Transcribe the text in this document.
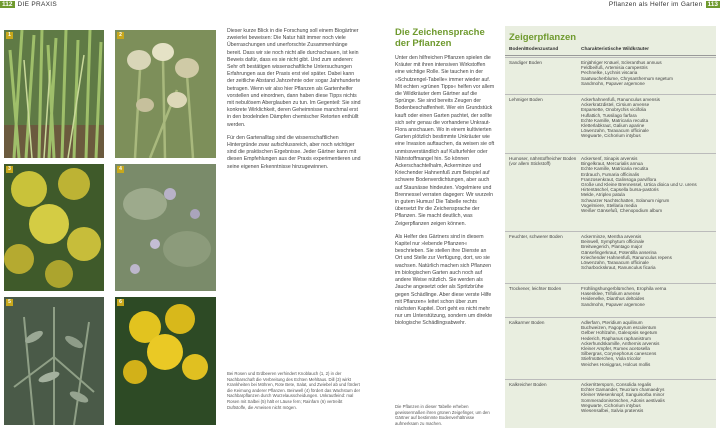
112 DIE PRAXIS	Pflanzen als Helfer im Garten 113
1	2
3	4
5	6

Dieser kurze Blick in die Forschung soll einem Biogärtner zweierlei beweisen: Die Natur hält immer noch viele Überraschungen und unerforschte Zusammenhänge bereit. Dass wir sie noch nicht alle durchschauen, ist kein Beweis dafür, dass es sie nicht gibt. Und zum anderen: Sehr oft bestätigen wissenschaftliche Untersuchungen Erfahrungen aus der Praxis erst viel später. Dabei kann der zeitliche Abstand Jahrzehnte oder sogar Jahrhunderte betragen. Wenn wir also hier Pflanzen als Gartenhelfer vorstellen und einordnen, dann haben diese Tipps nichts mit nebulösem Aberglauben zu tun. Im Gegenteil: Sie sind konkrete Wirklichkeit, deren Geheimnisse manchmal erst in den brodelnden Dämpfen chemischer Retorten enthüllt werden.

Für den Gartenalltag sind die wissenschaftlichen Hintergründe zwar aufschlussreich, aber noch wichtiger sind die praktischen Ergebnisse. Jeder Gärtner kann mit diesen Empfehlungen aus der Praxis experimentieren und seine eigenen Erkenntnisse hinzugewinnen.

Bei Rosen und Erdbeeren verhindert Knoblauch (1, 2) in der Nachbarschaft die Verbreitung des Echten Mehltaus. Dill (3) wirkt Krankheiten bei Möhren, Rote Bete, Salat, und Zwiebel ab und fördert die Keimung anderer Pflanzen. Beinwell (4) fördert das Wachstum der Nachbarpflanzen durch Wurzelausscheidungen. Unkrautfeind: mal Rosen mit Salbei (5) hält er Läuse fern; Rainfarn (6) vertreibt Duftstoffe, die Ameisen nicht mögen.
Die Zeichensprache
der Pflanzen

Unter den hilfreichen Pflanzen spielen die Kräuter mit ihren intensiven Wirkstoffen eine wichtige Rolle. Sie tauchen in der »Schutzengel-Tabelle« immer wieder auf. Mit echten »grünen Tipps« helfen vor allem die Wildkräuter dem Gärtner auf die Sprünge. Sie sind bereits Zeugen der Bodenbeschaffenheit. Wer ein Grundstück kauft oder einen Garten pachtet, der sollte sich sehr genau die vorhandene Unkraut-Flora anschauen. Wo in einem kultivierten Garten plötzlich bestimmte Unkräuter wie eine Invasion auftauchen, da weisen sie oft unmissverständlich auf Kulturfehler oder Nährstoffmangel hin. So können Ackerschachtelhalm, Ackerminze und Kriechender Hahnenfuß zum Beispiel auf schwere Bodenverdichtungen, aber auch auf Staunässe hindeuten. Vogelmiere und Brennessel verraten dagegen: Wir wurzeln in gutem Humus! Die Tabelle rechts übersetzt Ihr die Zeichensprache der Pflanzen. Sie macht deutlich, was Zeigerpflanzen zeigen können.

Als Helfer des Gärtners sind in diesem Kapitel nur »lebende Pflanzen« beschrieben. Sie stellen ihre Dienste an Ort und Stelle zur Verfügung, dort, wo sie wachsen. Natürlich machen sich Pflanzen im biologischen Garten auch noch auf andere Weise nützlich. Sie werden als Jauche angesetzt oder als Spritzbrühe gegen Schädlinge. Aber diese verste Hilfe mit Pflanzen« leitet schon über zum nächsten Kapitel. Dort geht es nicht mehr nur um Unterstützung, sondern um direkte biologische Schädlingsabwehr.

Die Pflanzen in dieser Tabelle erheben gewissermaßen ihren grünen Zeigefinger, um den Gärtner auf bestimmte Bodenverhältnisse aufmerksam zu machen.
Zeigerpflanzen
Boden/Bodenzustand	Charakteristische Wildkräuter
Sandiger Boden	Einjähriger Knäuel, Scleranthus annuus
Feldbeifuß, Artemisia campestris
Pechnelke, Lychnis viscaria
Saatwucherblume, Chrysanthemum segetum
Sandmohn, Papaver argemone
Lehmiger Boden	Ackerhahnenfuß, Ranunculus arvensis
Ackerkratzdistel, Cirsium arvense
Esparsette, Onobrychis viciifolia
Huflattich, Tussilago farfara
Echte Kamille, Matricaria recutita
Kletterlabkraut, Galium aparine
Löwenzahn, Taraxacum officinale
Wegwarte, Cichorium intybus
Humoser, nährstoffreicher Boden (vor allem Stickstoff)
Ackersenf, Sinapis arvensis
Bingelkraut, Mercurialis annua
Echte Kamille, Matricaria recutita
Erdrauch, Fumaria officinalis
Franzosenkraut, Galinsoga parviflora
Große und Kleine Brennessel, Urtica dioica und U. urens
Hirtentäschel, Capsella bursa-pastoris
Melde, Atriplex patula
Schwarzer Nachtschatten, Solanum nigrum
Vogelmiere, Stellaria media
Weißer Gänsefuß, Chenopodium album
Feuchter, schwerer Boden	Ackerminze, Mentha arvensis
Beinwell, Symphytum officinale
Breitwegerich, Plantago major
Gänsefingerkraut, Potentilla anserina
Kriechender Hahnenfuß, Ranunculus repens
Löwenzahn, Taraxacum officinale
Scharbockskraut, Ranunculus ficaria
Trockener, leichter Boden	Frühlingshungerblümchen, Erophila verna
Hasenklee, Trifolium arvense
Heidenelke, Dianthus deltoides
Sandmohn, Papaver argemone
Kalkarmer Boden	Adlerfarn, Pteridium aquilinum
Buchweizen, Fagopyrum esculentum
Gelber Hohlzahn, Galeopsis segetum
Hederich, Raphanus raphanistrum
Ackerhundskamille, Anthemis arvensis
Kleiner Ampfer, Rumex acetosella
Silbergras, Corynephorus canescens
Stiefmütterchen, Viola tricolor
Weiches Honiggras, Holcus mollis
Kalkreicher Boden	Ackerrittersporn, Consolida regalis
Echter Gamander, Teucrium chamaedrys
Kleiner Wiesenknopf, Sanguisorba minor
Sommeradonisröschen, Adonis aestivalis
Wegwarte, Cichorium intybus
Wiesensalbei, Salvia pratensis
